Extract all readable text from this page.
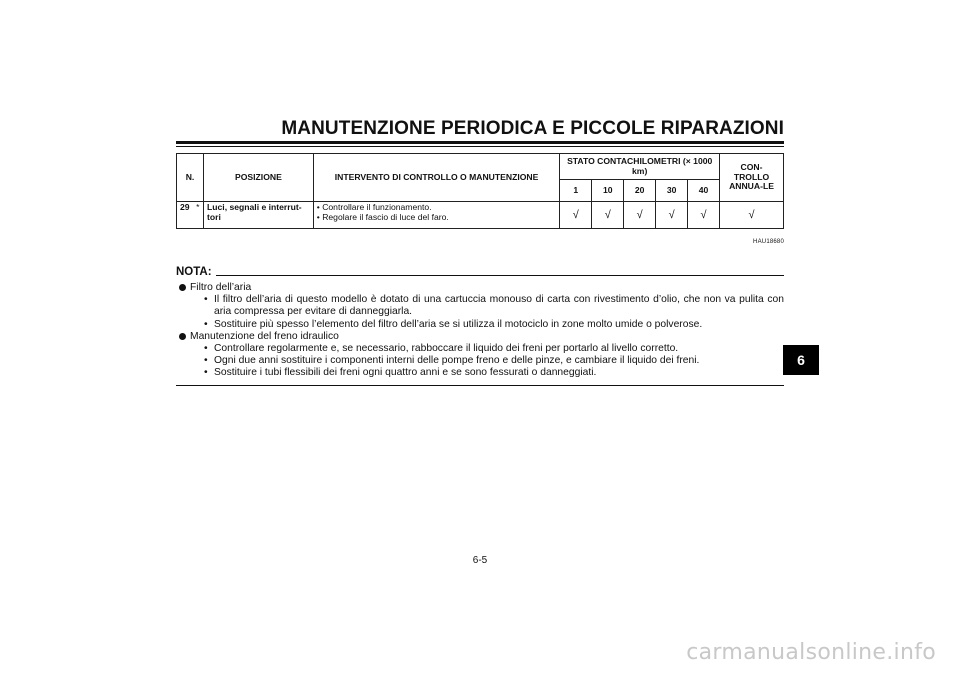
MANUTENZIONE PERIODICA E PICCOLE RIPARAZIONI
N.		POSIZIONE	INTERVENTO DI CONTROLLO O MANUTENZIONE	STATO CONTACHILOMETRI (× 1000 km)					CON-TROLLO ANNUA-LE
				1	10	20	30	40	
29	*	Luci, segnali e interrut-tori	• Controllare il funzionamento.
• Regolare il fascio di luce del faro.	√	√	√	√	√	√
HAU18680
NOTA:
Filtro dell’aria
• Il filtro dell’aria di questo modello è dotato di una cartuccia monouso di carta con rivestimento d’olio, che non va pulita con aria compressa per evitare di danneggiarla.
• Sostituire più spesso l’elemento del filtro dell’aria se si utilizza il motociclo in zone molto umide o polverose.
Manutenzione del freno idraulico
• Controllare regolarmente e, se necessario, rabboccare il liquido dei freni per portarlo al livello corretto.
• Ogni due anni sostituire i componenti interni delle pompe freno e delle pinze, e cambiare il liquido dei freni.
• Sostituire i tubi flessibili dei freni ogni quattro anni e se sono fessurati o danneggiati.
6
6-5
carmanualsonline.info
